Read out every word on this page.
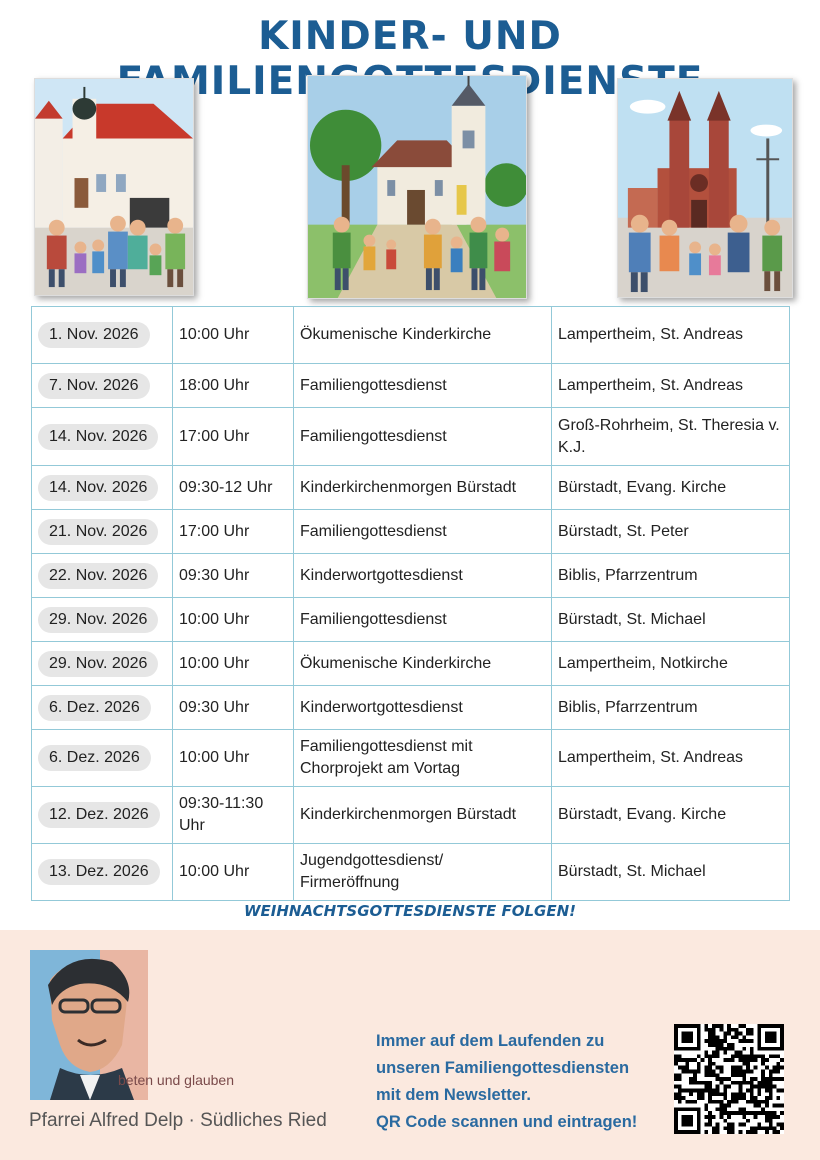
KINDER- UND
1. Nov. 2026	10:00 Uhr	Ökumenische Kinderkirche	Lampertheim, St. Andreas
7. Nov. 2026	18:00 Uhr	Familiengottesdienst	Lampertheim, St. Andreas
14. Nov. 2026	17:00 Uhr	Familiengottesdienst	Groß-Rohrheim, St. Theresia v. K.J.
14. Nov. 2026	09:30-12 Uhr	Kinderkirchenmorgen Bürstadt	Bürstadt, Evang. Kirche
21. Nov. 2026	17:00 Uhr	Familiengottesdienst	Bürstadt, St. Peter
22. Nov. 2026	09:30 Uhr	Kinderwortgottesdienst	Biblis, Pfarrzentrum
29. Nov. 2026	10:00 Uhr	Familiengottesdienst	Bürstadt, St. Michael
29. Nov. 2026	10:00 Uhr	Ökumenische Kinderkirche	Lampertheim, Notkirche
6. Dez. 2026	09:30 Uhr	Kinderwortgottesdienst	Biblis, Pfarrzentrum
6. Dez. 2026	10:00 Uhr	Familiengottesdienst mit Chorprojekt am Vortag	Lampertheim, St. Andreas
12. Dez. 2026	09:30-11:30 Uhr	Kinderkirchenmorgen Bürstadt	Bürstadt, Evang. Kirche
13. Dez. 2026	10:00 Uhr	Jugendgottesdienst/ Firmeröffnung	Bürstadt, St. Michael
WEIHNACHTSGOTTESDIENSTE FOLGEN!
beten und glauben
Pfarrei Alfred Delp · Südliches Ried
Immer auf dem Laufenden zu
unseren Familiengottesdiensten
mit dem Newsletter.
QR Code scannen und eintragen!
